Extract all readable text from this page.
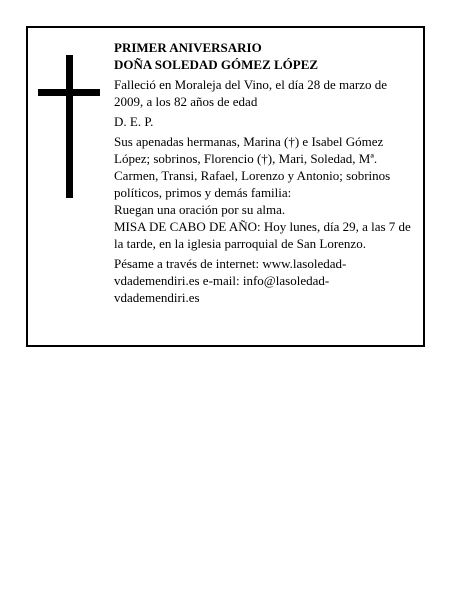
PRIMER ANIVERSARIO

DOÑA SOLEDAD GÓMEZ LÓPEZ

Falleció en Moraleja del Vino, el día 28 de marzo de 2009, a los 82 años de edad

D. E. P.

Sus apenadas hermanas, Marina (†) e Isabel Gómez López; sobrinos, Florencio (†), Mari, Soledad, Mª. Carmen, Transi, Rafael, Lorenzo y Antonio; sobrinos políticos, primos y demás familia:

Ruegan una oración por su alma.

MISA DE CABO DE AÑO: Hoy lunes, día 29, a las 7 de la tarde, en la iglesia parroquial de San Lorenzo.

Pésame a través de internet: www.lasoledad-vdademendiri.es e-mail: info@lasoledad-vdademendiri.es
